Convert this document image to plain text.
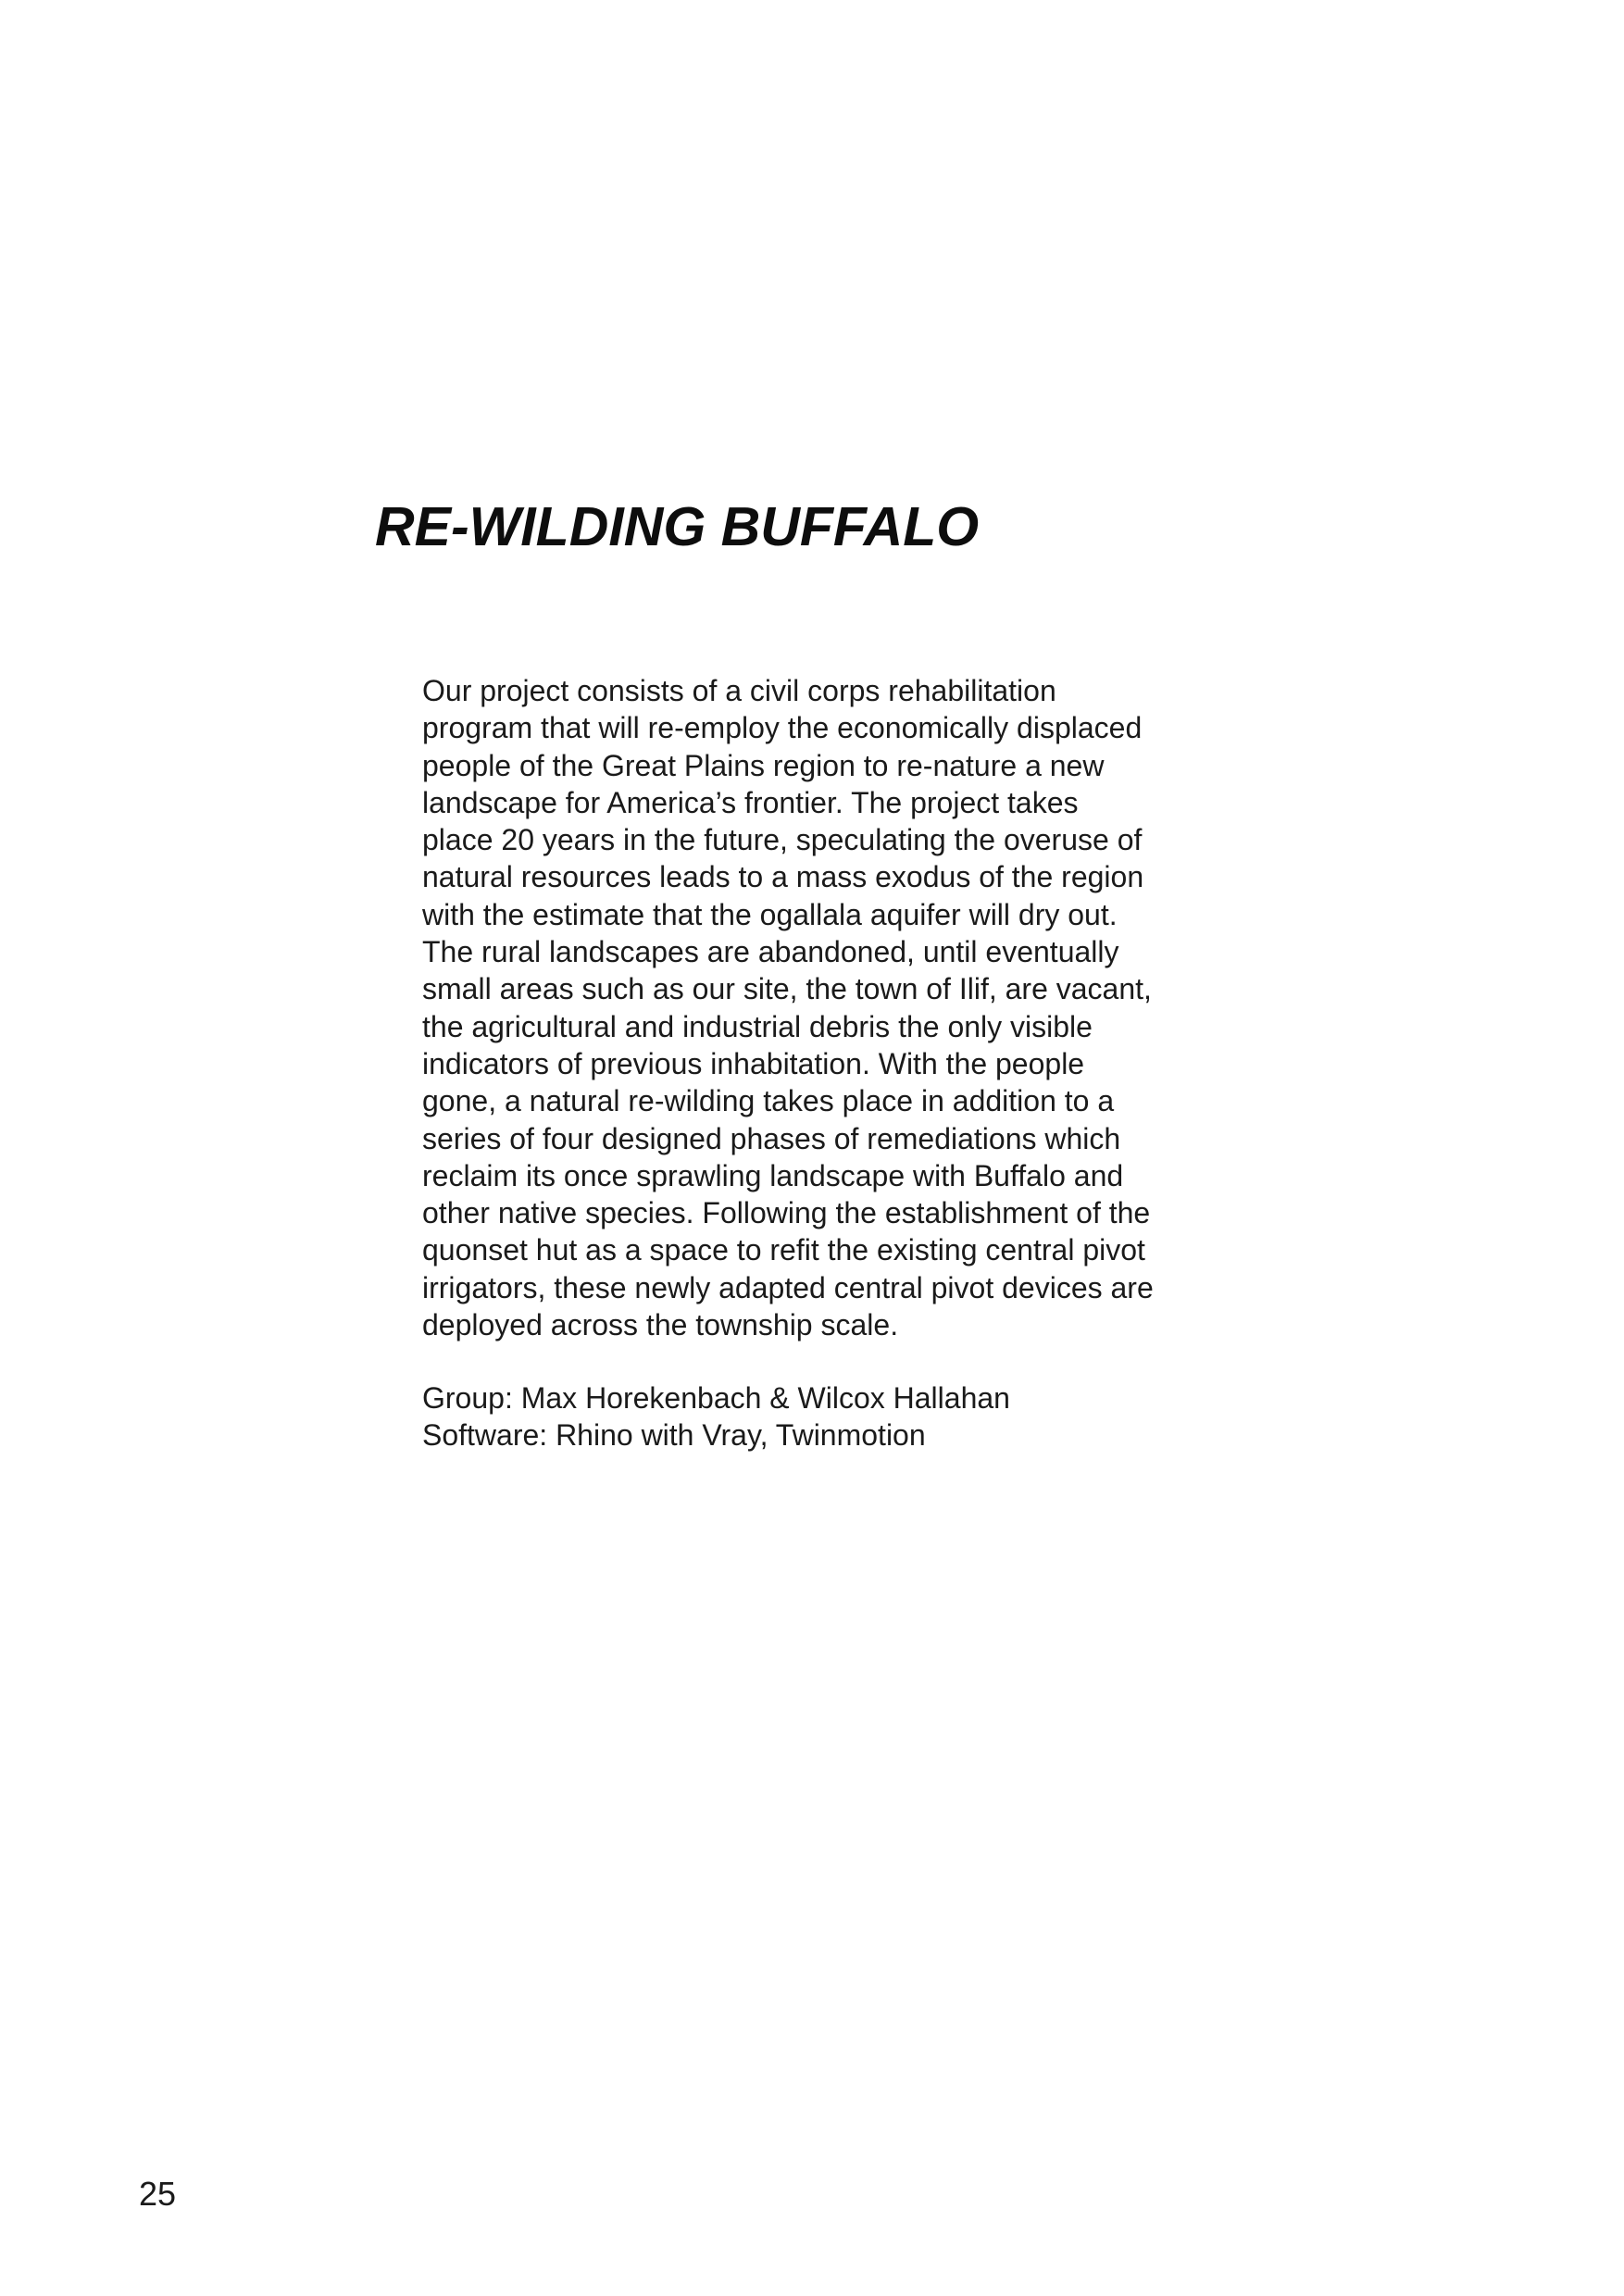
RE-WILDING BUFFALO
Our project consists of a civil corps rehabilitation
program that will re-employ the economically displaced
people of the Great Plains region to re-nature a new
landscape for America’s frontier. The project takes
place 20 years in the future, speculating the overuse of
natural resources leads to a mass exodus of the region
with the estimate that the ogallala aquifer will dry out.
The rural landscapes are abandoned, until eventually
small areas such as our site, the town of Ilif, are vacant,
the agricultural and industrial debris the only visible
indicators of previous inhabitation. With the people
gone, a natural re-wilding takes place in addition to a
series of four designed phases of remediations which
reclaim its once sprawling landscape with Buffalo and
other native species. Following the establishment of the
quonset hut as a space to refit the existing central pivot
irrigators, these newly adapted central pivot devices are
deployed across the township scale.
Group: Max Horekenbach & Wilcox Hallahan
Software: Rhino with Vray, Twinmotion
25
